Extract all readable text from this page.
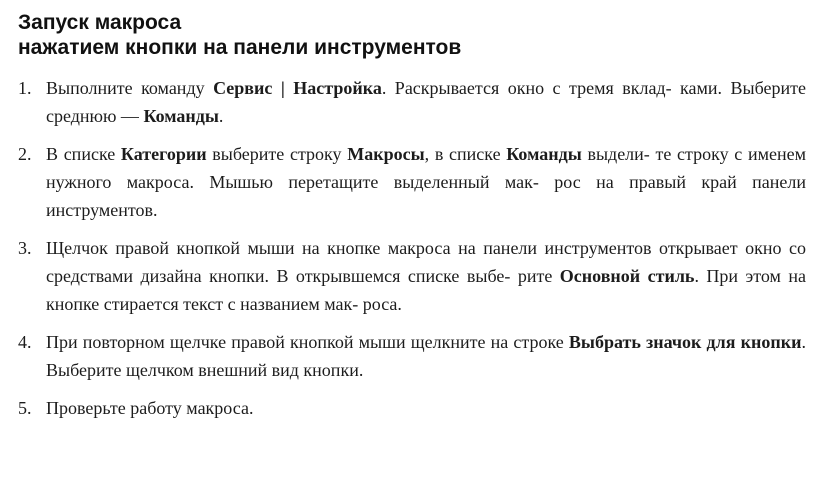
Запуск макроса
нажатием кнопки на панели инструментов
1. Выполните команду Сервис | Настройка. Раскрывается окно с тремя вклад- ками. Выберите среднюю — Команды.
2. В списке Категории выберите строку Макросы, в списке Команды выдели- те строку с именем нужного макроса. Мышью перетащите выделенный мак- рос на правый край панели инструментов.
3. Щелчок правой кнопкой мыши на кнопке макроса на панели инструментов открывает окно со средствами дизайна кнопки. В открывшемся списке выбе- рите Основной стиль. При этом на кнопке стирается текст с названием мак- роса.
4. При повторном щелчке правой кнопкой мыши щелкните на строке Выбрать значок для кнопки. Выберите щелчком внешний вид кнопки.
5. Проверьте работу макроса.
